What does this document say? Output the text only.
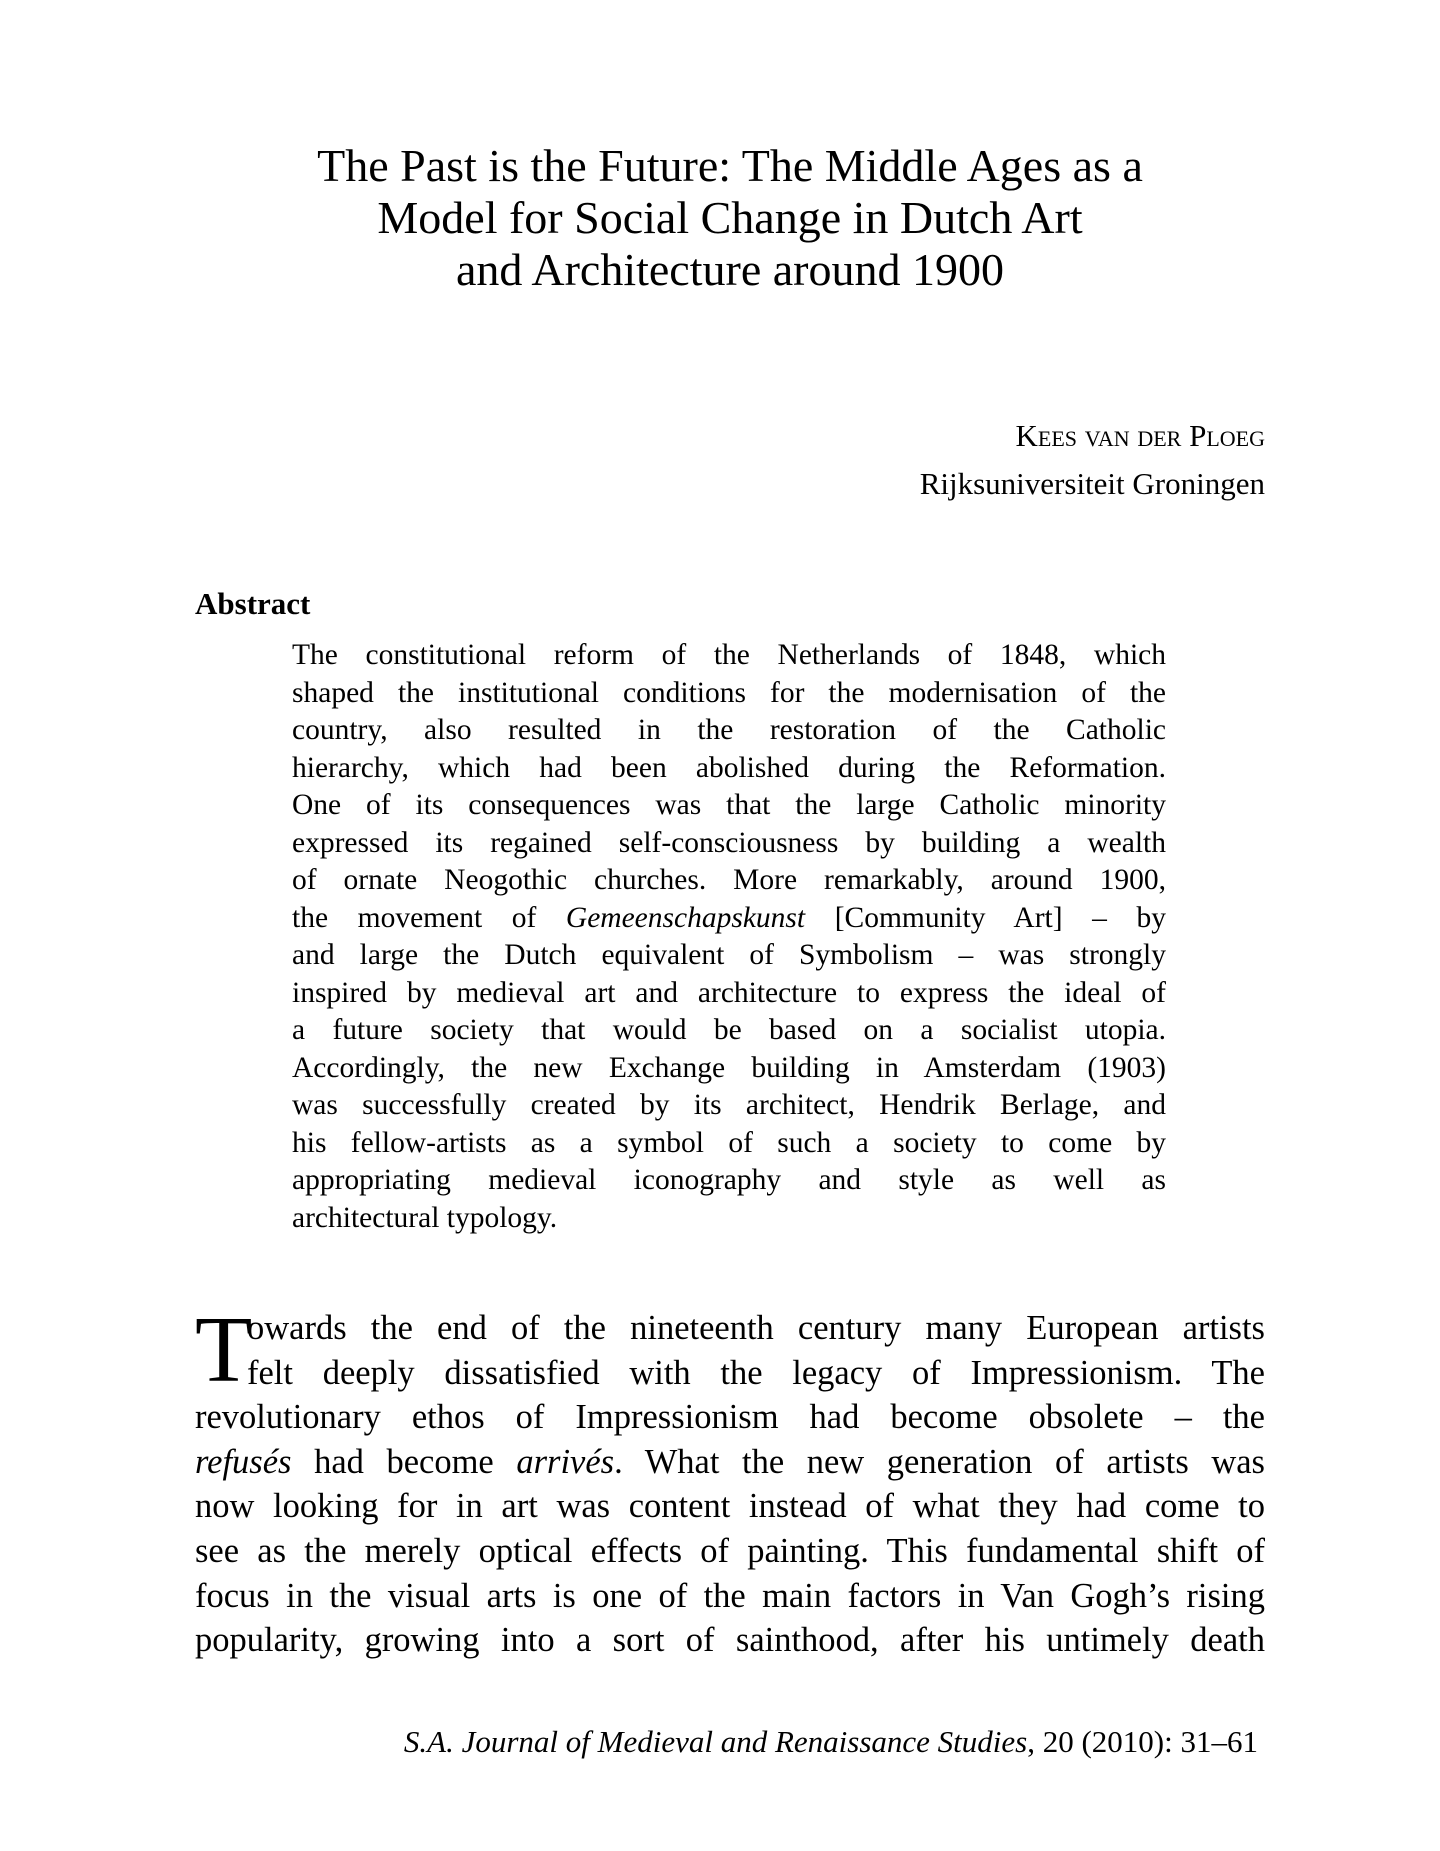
The Past is the Future: The Middle Ages as a
Model for Social Change in Dutch Art
and Architecture around 1900
Kees van der Ploeg
Rijksuniversiteit Groningen
Abstract
The constitutional reform of the Netherlands of 1848, which
shaped the institutional conditions for the modernisation of the
country, also resulted in the restoration of the Catholic
hierarchy, which had been abolished during the Reformation.
One of its consequences was that the large Catholic minority
expressed its regained self-consciousness by building a wealth
of ornate Neogothic churches. More remarkably, around 1900,
the movement of Gemeenschapskunst [Community Art] – by
and large the Dutch equivalent of Symbolism – was strongly
inspired by medieval art and architecture to express the ideal of
a future society that would be based on a socialist utopia.
Accordingly, the new Exchange building in Amsterdam (1903)
was successfully created by its architect, Hendrik Berlage, and
his fellow-artists as a symbol of such a society to come by
appropriating medieval iconography and style as well as
architectural typology.
T
owards the end of the nineteenth century many European artists
felt deeply dissatisfied with the legacy of Impressionism. The
revolutionary ethos of Impressionism had become obsolete – the
refusés had become arrivés. What the new generation of artists was
now looking for in art was content instead of what they had come to
see as the merely optical effects of painting. This fundamental shift of
focus in the visual arts is one of the main factors in Van Gogh’s rising
popularity, growing into a sort of sainthood, after his untimely death
S.A. Journal of Medieval and Renaissance Studies, 20 (2010): 31–61
